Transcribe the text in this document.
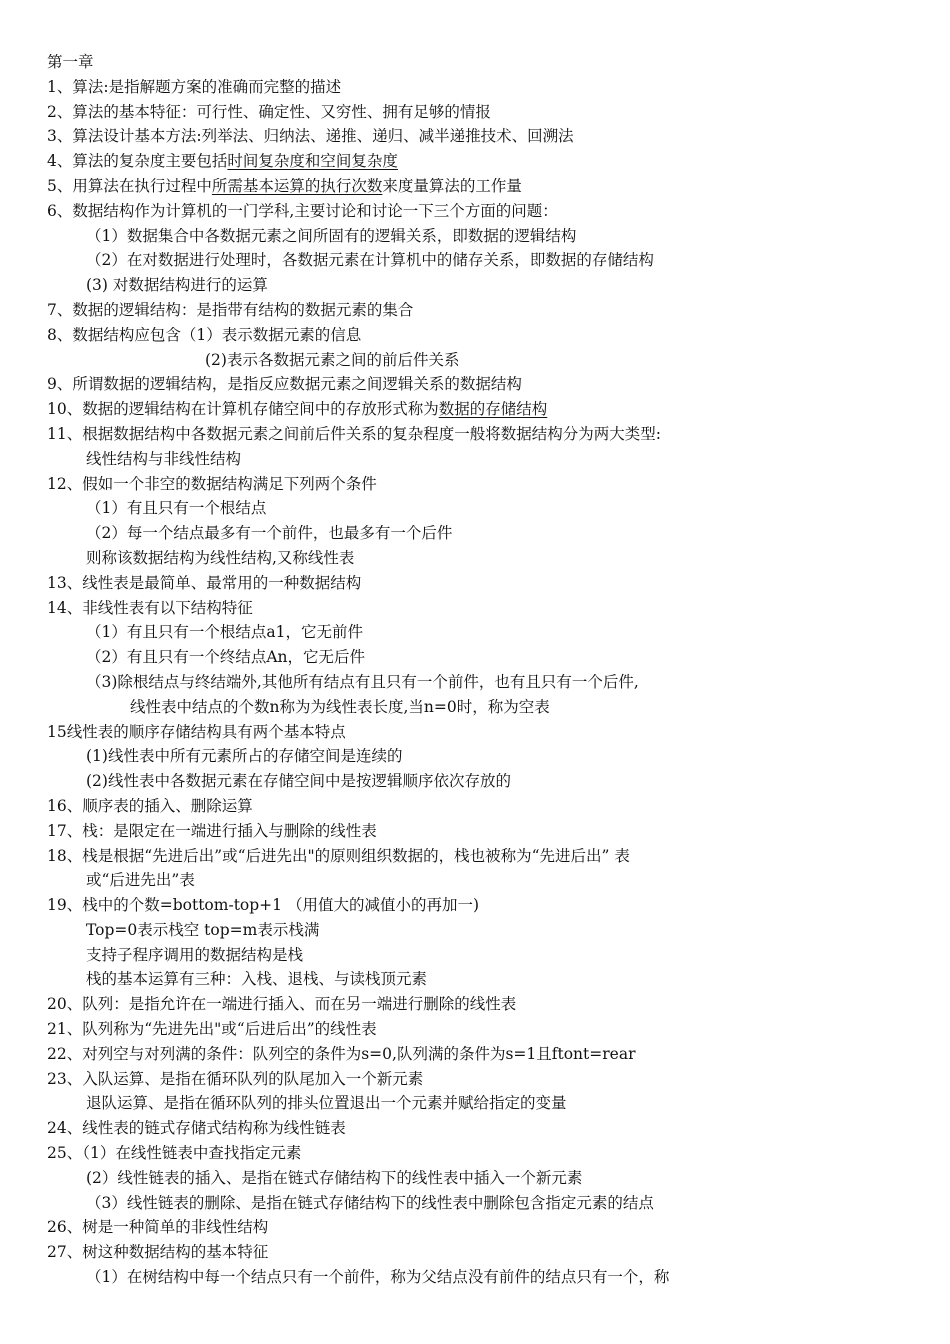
第一章
1、算法:是指解题方案的准确而完整的描述
2、算法的基本特征：可行性、确定性、又穷性、拥有足够的情报
3、算法设计基本方法:列举法、归纳法、递推、递归、减半递推技术、回溯法
4、算法的复杂度主要包括时间复杂度和空间复杂度
5、用算法在执行过程中所需基本运算的执行次数来度量算法的工作量
6、数据结构作为计算机的一门学科,主要讨论和讨论一下三个方面的问题：
（1）数据集合中各数据元素之间所固有的逻辑关系，即数据的逻辑结构
（2）在对数据进行处理时，各数据元素在计算机中的储存关系，即数据的存储结构
(3) 对数据结构进行的运算
7、数据的逻辑结构：是指带有结构的数据元素的集合
8、数据结构应包含（1）表示数据元素的信息
(2)表示各数据元素之间的前后件关系
9、所谓数据的逻辑结构，是指反应数据元素之间逻辑关系的数据结构
10、数据的逻辑结构在计算机存储空间中的存放形式称为数据的存储结构
11、根据数据结构中各数据元素之间前后件关系的复杂程度一般将数据结构分为两大类型:
线性结构与非线性结构
12、假如一个非空的数据结构满足下列两个条件
（1）有且只有一个根结点
（2）每一个结点最多有一个前件，也最多有一个后件
则称该数据结构为线性结构,又称线性表
13、线性表是最简单、最常用的一种数据结构
14、非线性表有以下结构特征
（1）有且只有一个根结点a1，它无前件
（2）有且只有一个终结点An，它无后件
（3)除根结点与终结端外,其他所有结点有且只有一个前件，也有且只有一个后件,
线性表中结点的个数n称为为线性表长度,当n=0时，称为空表
15线性表的顺序存储结构具有两个基本特点
(1)线性表中所有元素所占的存储空间是连续的
(2)线性表中各数据元素在存储空间中是按逻辑顺序依次存放的
16、顺序表的插入、删除运算
17、栈：是限定在一端进行插入与删除的线性表
18、栈是根据“先进后出”或“后进先出"的原则组织数据的，栈也被称为“先进后出” 表
或“后进先出”表
19、栈中的个数=bottom-top+1 （用值大的减值小的再加一)
Top=0表示栈空 top=m表示栈满
支持子程序调用的数据结构是栈
栈的基本运算有三种：入栈、退栈、与读栈顶元素
20、队列：是指允许在一端进行插入、而在另一端进行删除的线性表
21、队列称为“先进先出"或“后进后出”的线性表
22、对列空与对列满的条件：队列空的条件为s=0,队列满的条件为s=1且ftont=rear
23、入队运算、是指在循环队列的队尾加入一个新元素
退队运算、是指在循环队列的排头位置退出一个元素并赋给指定的变量
24、线性表的链式存储式结构称为线性链表
25、（1）在线性链表中查找指定元素
(2）线性链表的插入、是指在链式存储结构下的线性表中插入一个新元素
（3）线性链表的删除、是指在链式存储结构下的线性表中删除包含指定元素的结点
26、树是一种简单的非线性结构
27、树这种数据结构的基本特征
（1）在树结构中每一个结点只有一个前件，称为父结点没有前件的结点只有一个，称
